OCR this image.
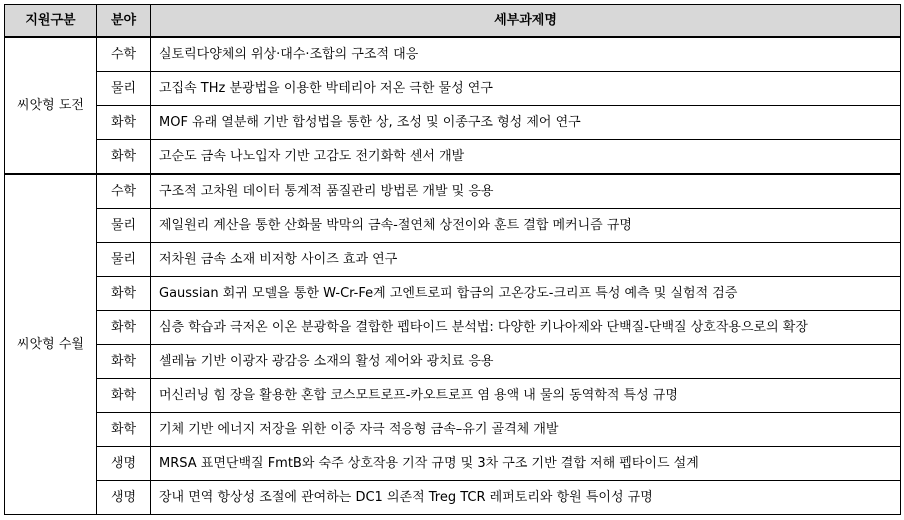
지원구분	분야	세부과제명
씨앗형 도전	수학	실토릭다양체의 위상·대수·조합의 구조적 대응
	물리	고집속 THz 분광법을 이용한 박테리아 저온 극한 물성 연구
	화학	MOF 유래 열분해 기반 합성법을 통한 상, 조성 및 이종구조 형성 제어 연구
	화학	고순도 금속 나노입자 기반 고감도 전기화학 센서 개발
씨앗형 수월	수학	구조적 고차원 데이터 통계적 품질관리 방법론 개발 및 응용
	물리	제일원리 계산을 통한 산화물 박막의 금속-절연체 상전이와 훈트 결합 메커니즘 규명
	물리	저차원 금속 소재 비저항 사이즈 효과 연구
	화학	Gaussian 회귀 모델을 통한 W-Cr-Fe계 고엔트로피 합금의 고온강도-크리프 특성 예측 및 실험적 검증
	화학	심층 학습과 극저온 이온 분광학을 결합한 펩타이드 분석법: 다양한 키나아제와 단백질-단백질 상호작용으로의 확장
	화학	셀레늄 기반 이광자 광감응 소재의 활성 제어와 광치료 응용
	화학	머신러닝 힘 장을 활용한 혼합 코스모트로프-카오트로프 염 용액 내 물의 동역학적 특성 규명
	화학	기체 기반 에너지 저장을 위한 이중 자극 적응형 금속–유기 골격체 개발
	생명	MRSA 표면단백질 FmtB와 숙주 상호작용 기작 규명 및 3차 구조 기반 결합 저해 펩타이드 설계
	생명	장내 면역 항상성 조절에 관여하는 DC1 의존적 Treg TCR 레퍼토리와 항원 특이성 규명
